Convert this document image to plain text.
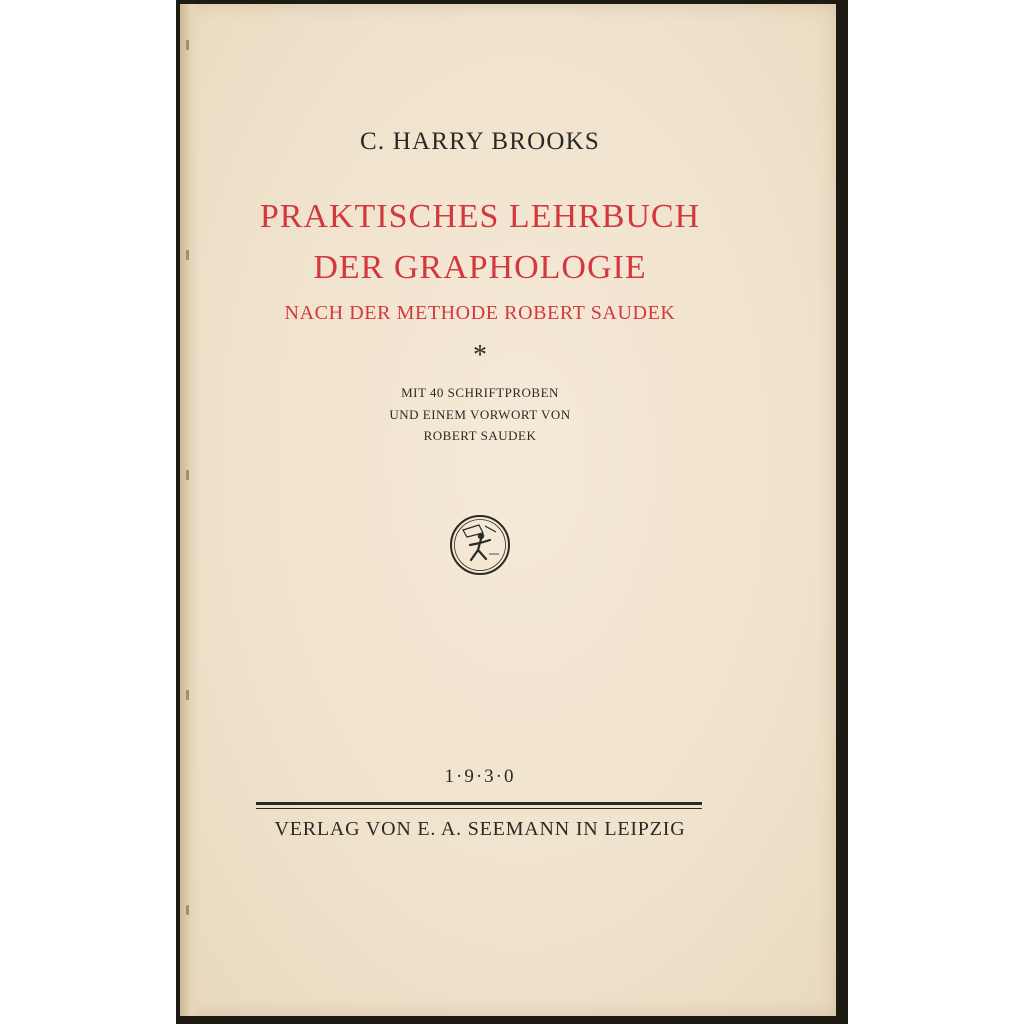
C. HARRY BROOKS

PRAKTISCHES LEHRBUCH

DER GRAPHOLOGIE

NACH DER METHODE ROBERT SAUDEK

*

MIT 40 SCHRIFTPROBEN

UND EINEM VORWORT VON

ROBERT SAUDEK

1·9·3·0

VERLAG VON E. A. SEEMANN IN LEIPZIG
